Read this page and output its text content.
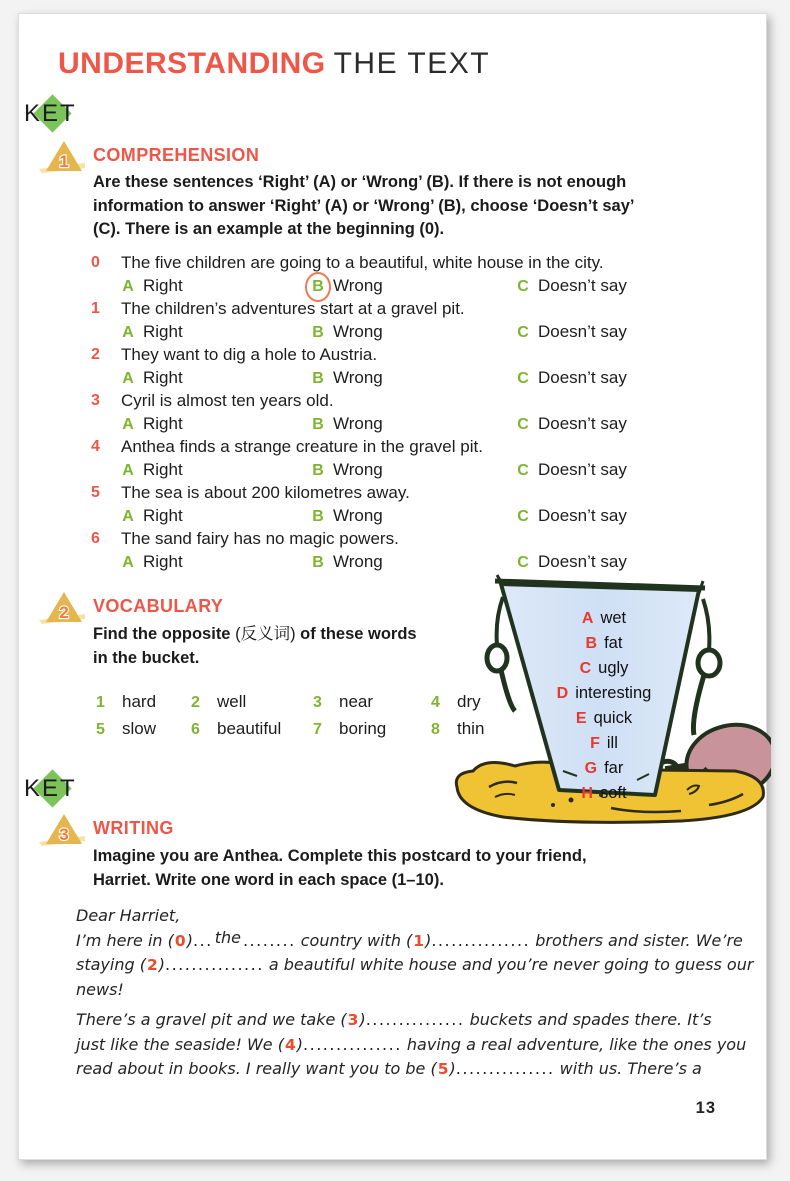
UNDERSTANDING THE TEXT
KET
1 COMPREHENSION
Are these sentences ‘Right’ (A) or ‘Wrong’ (B). If there is not enough
information to answer ‘Right’ (A) or ‘Wrong’ (B), choose ‘Doesn’t say’
(C). There is an example at the beginning (0).
0	The five children are going to a beautiful, white house in the city.
A Right	B Wrong	C Doesn’t say
1	The children’s adventures start at a gravel pit.
A Right	B Wrong	C Doesn’t say
2	They want to dig a hole to Austria.
A Right	B Wrong	C Doesn’t say
3	Cyril is almost ten years old.
A Right	B Wrong	C Doesn’t say
4	Anthea finds a strange creature in the gravel pit.
A Right	B Wrong	C Doesn’t say
5	The sea is about 200 kilometres away.
A Right	B Wrong	C Doesn’t say
6	The sand fairy has no magic powers.
A Right	B Wrong	C Doesn’t say
2 VOCABULARY
Find the opposite (反义词) of these words
in the bucket.
1 hard	2 well	3 near	4 dry
5 slow	6 beautiful	7 boring	8 thin
A wet
B fat
C ugly
D interesting
E quick
F ill
G far
H soft
KET
3 WRITING
Imagine you are Anthea. Complete this postcard to your friend,
Harriet. Write one word in each space (1–10).
Dear Harriet,
I’m here in (0)... the ........ country with (1)............... brothers and sister. We’re
staying (2)............... a beautiful white house and you’re never going to guess our
news!
There’s a gravel pit and we take (3)............... buckets and spades there. It’s
just like the seaside! We (4)............... having a real adventure, like the ones you
read about in books. I really want you to be (5)............... with us. There’s a
13
